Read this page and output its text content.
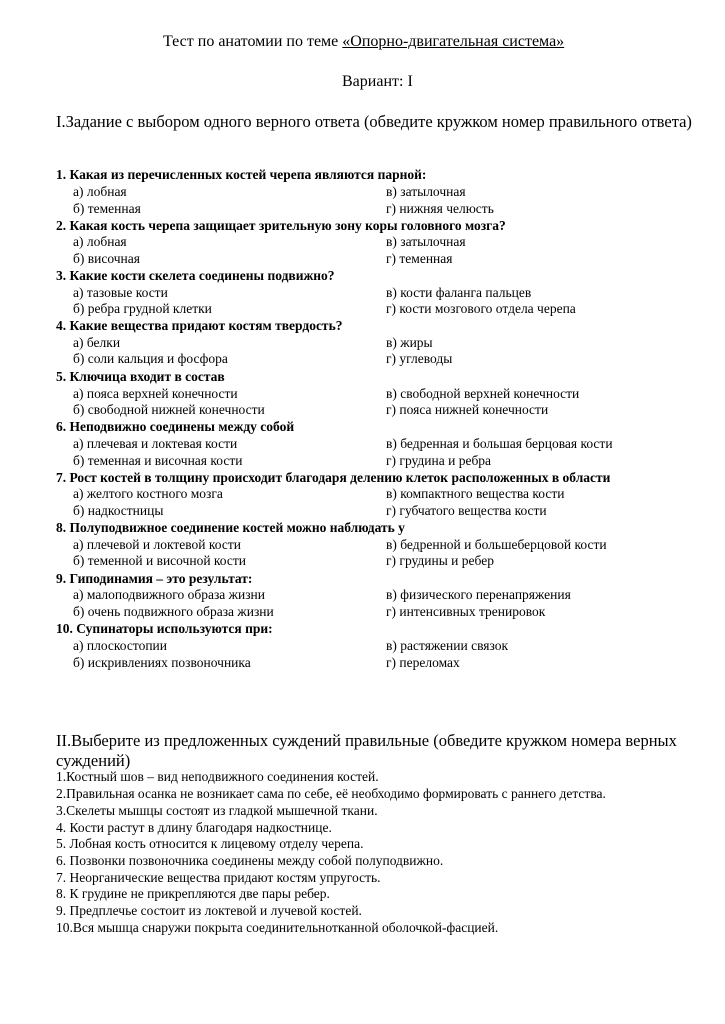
Тест по анатомии по теме «Опорно-двигательная система»
Вариант: I
I.Задание с выбором одного верного ответа (обведите кружком номер правильного ответа)
1. Какая из перечисленных костей черепа являются парной:
а) лобная	в) затылочная
б) теменная	г) нижняя челюсть
2. Какая кость черепа защищает зрительную зону коры головного мозга?
а) лобная	в) затылочная
б) височная	г) теменная
3. Какие кости скелета соединены подвижно?
а) тазовые кости	в) кости фаланга пальцев
б) ребра грудной клетки	г) кости мозгового отдела черепа
4. Какие вещества придают костям твердость?
а) белки	в) жиры
б) соли кальция и фосфора	г) углеводы
5. Ключица входит в состав
а) пояса верхней конечности	в) свободной верхней конечности
б) свободной нижней конечности	г) пояса нижней конечности
6. Неподвижно соединены между собой
а) плечевая и локтевая кости	в) бедренная и большая берцовая кости
б) теменная и височная кости	г) грудина и ребра
7. Рост костей в толщину происходит благодаря делению клеток расположенных в области
а) желтого костного мозга	в) компактного вещества кости
б) надкостницы	г) губчатого вещества кости
8. Полуподвижное соединение костей можно наблюдать у
а) плечевой и локтевой кости	в) бедренной и большеберцовой кости
б) теменной и височной кости	г) грудины и ребер
9. Гиподинамия – это результат:
а) малоподвижного образа жизни	в) физического перенапряжения
б) очень подвижного образа жизни	г) интенсивных тренировок
10. Супинаторы используются при:
а) плоскостопии	в) растяжении связок
б) искривлениях позвоночника	г) переломах
II.Выберите из предложенных суждений правильные (обведите кружком номера верных суждений)
1.Костный шов – вид неподвижного соединения костей.
2.Правильная осанка не возникает сама по себе, её необходимо формировать с раннего детства.
3.Скелеты мышцы состоят из гладкой мышечной ткани.
4. Кости растут в длину благодаря надкостнице.
5. Лобная кость относится к лицевому отделу черепа.
6. Позвонки позвоночника соединены между собой полуподвижно.
7. Неорганические вещества придают костям упругость.
8. К грудине не прикрепляются две пары ребер.
9. Предплечье состоит из локтевой и лучевой костей.
10.Вся мышца снаружи покрыта соединительнотканной оболочкой-фасцией.
